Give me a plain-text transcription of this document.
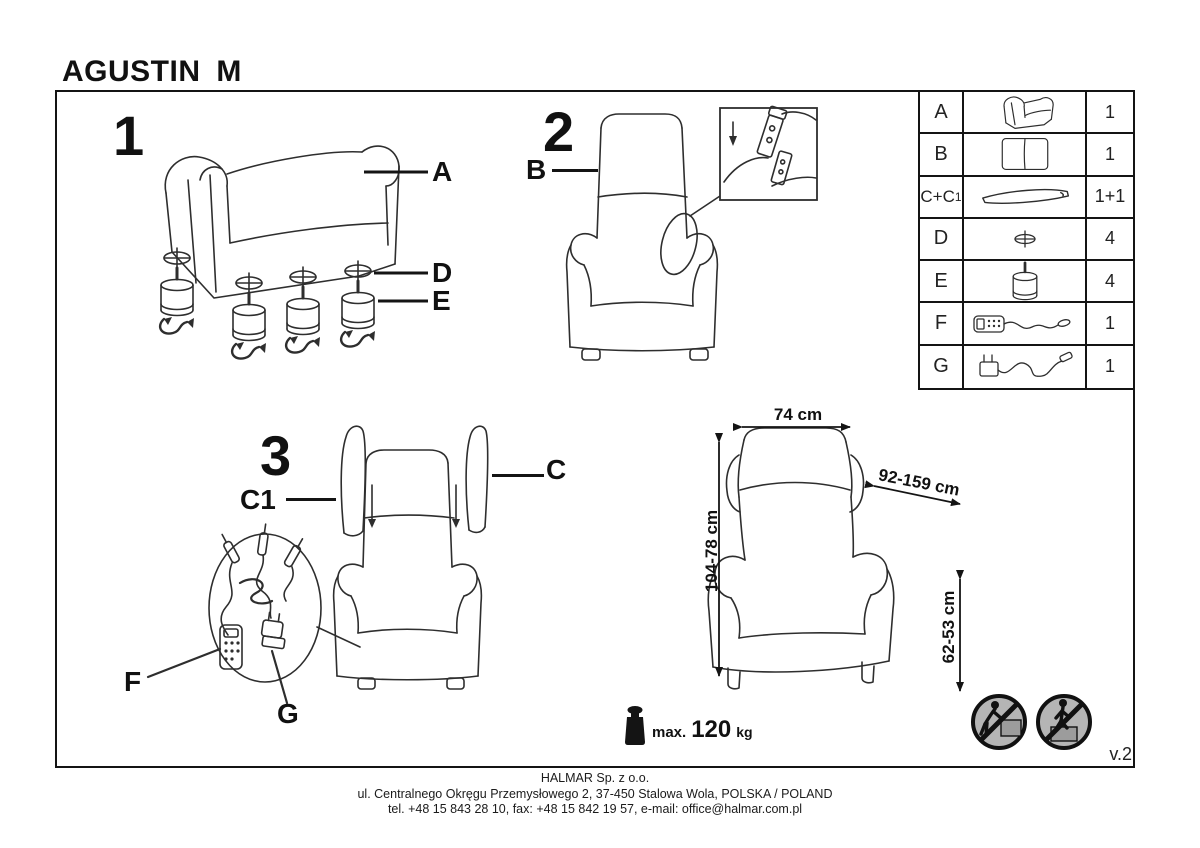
AGUSTIN M
1
A
D
E
2
B
3	C
C1
F
G
74 cm
92-159 cm
104-78 cm
62-53 cm
max. 120 kg
v.2
A	1
B	1
C+C 1	1+1
D	4
E	4
F	1
G	1
HALMAR Sp. z o.o.
ul. Centralnego Okręgu Przemysłowego 2, 37-450 Stalowa Wola, POLSKA / POLAND
tel. +48 15 843 28 10, fax: +48 15 842 19 57, e-mail: office@halmar.com.pl
